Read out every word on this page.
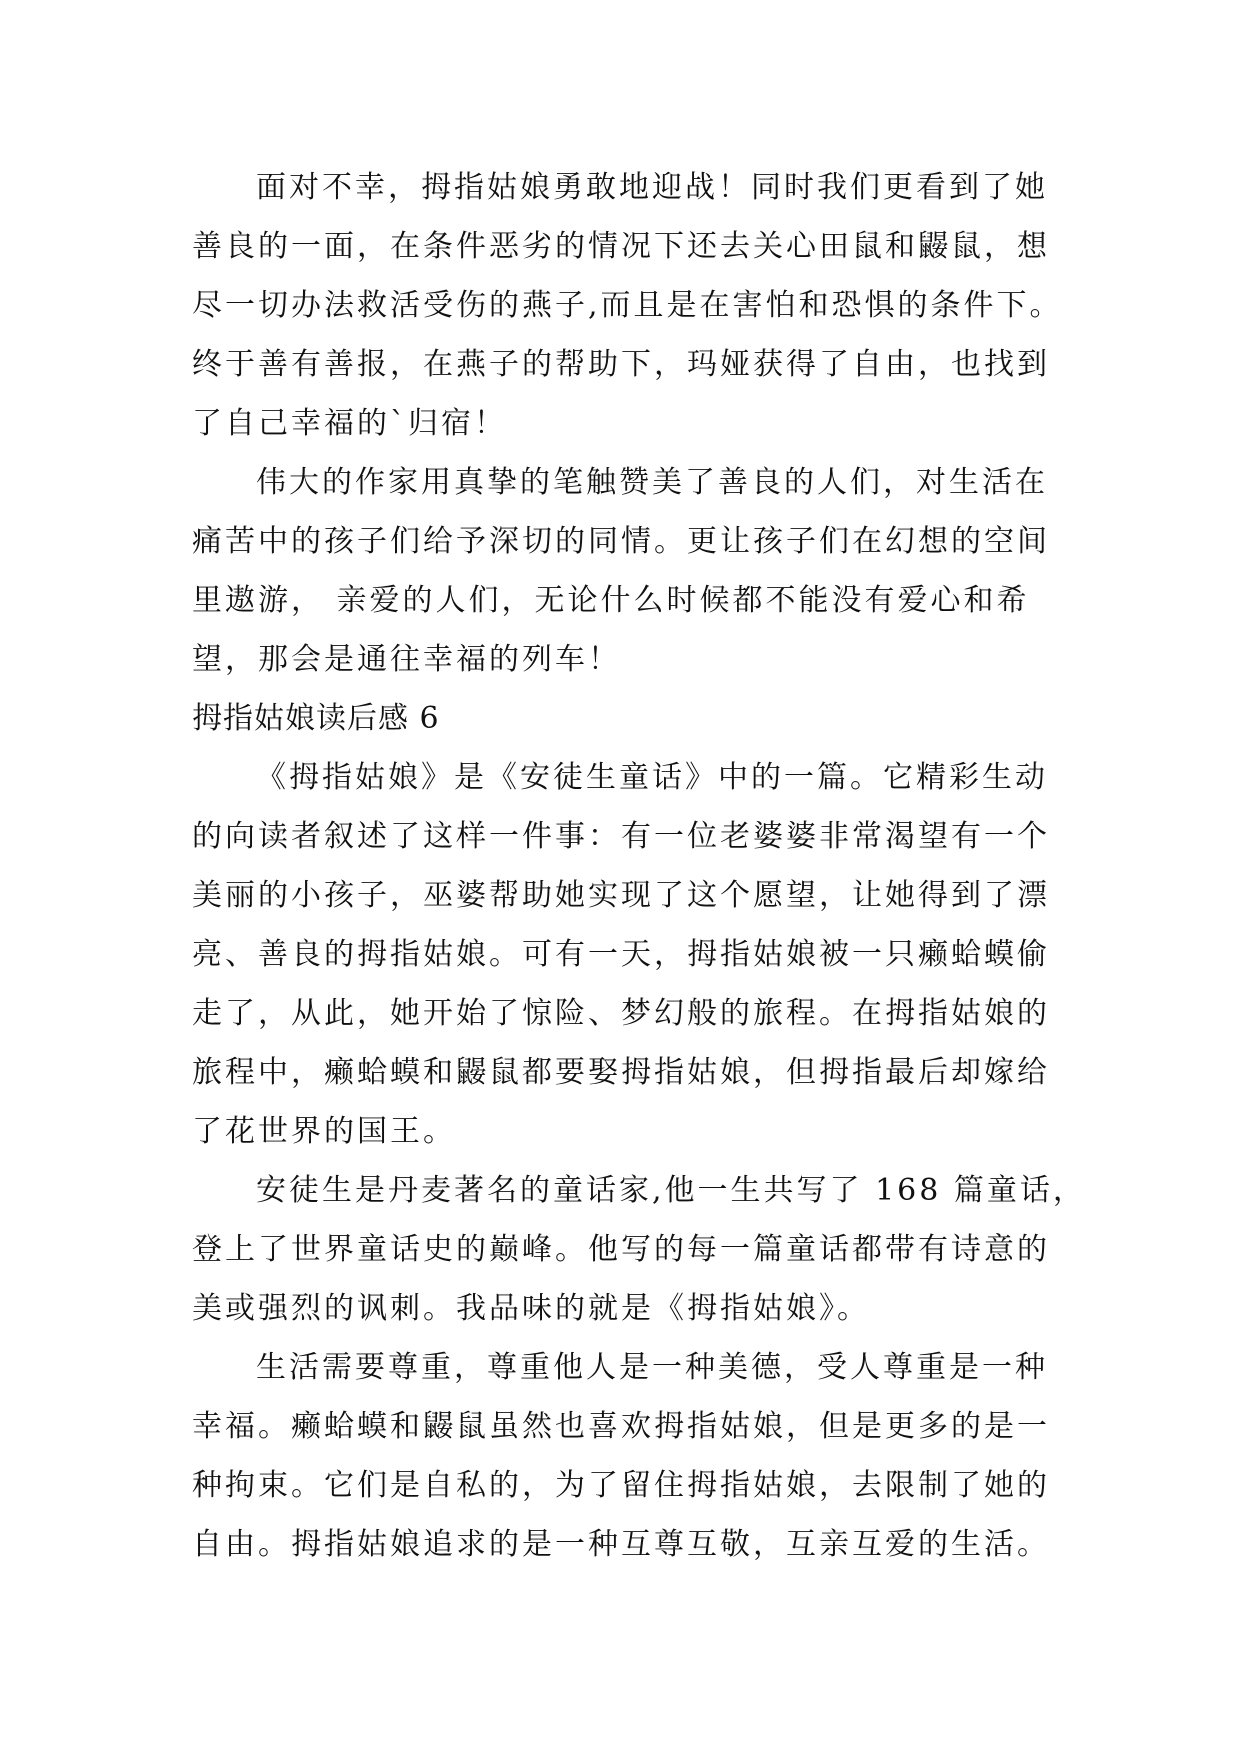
面对不幸，拇指姑娘勇敢地迎战！同时我们更看到了她
善良的一面，在条件恶劣的情况下还去关心田鼠和鼹鼠，想
尽一切办法救活受伤的燕子,而且是在害怕和恐惧的条件下。
终于善有善报，在燕子的帮助下，玛娅获得了自由，也找到
了自己幸福的`归宿！
伟大的作家用真挚的笔触赞美了善良的人们，对生活在
痛苦中的孩子们给予深切的同情。更让孩子们在幻想的空间
里遨游， 亲爱的人们，无论什么时候都不能没有爱心和希
望，那会是通往幸福的列车！
拇指姑娘读后感 6
《拇指姑娘》是《安徒生童话》中的一篇。它精彩生动
的向读者叙述了这样一件事：有一位老婆婆非常渴望有一个
美丽的小孩子，巫婆帮助她实现了这个愿望，让她得到了漂
亮、善良的拇指姑娘。可有一天，拇指姑娘被一只癞蛤蟆偷
走了，从此，她开始了惊险、梦幻般的旅程。在拇指姑娘的
旅程中，癞蛤蟆和鼹鼠都要娶拇指姑娘，但拇指最后却嫁给
了花世界的国王。
安徒生是丹麦著名的童话家,他一生共写了 168 篇童话，
登上了世界童话史的巅峰。他写的每一篇童话都带有诗意的
美或强烈的讽刺。我品味的就是《拇指姑娘》。
生活需要尊重，尊重他人是一种美德，受人尊重是一种
幸福。癞蛤蟆和鼹鼠虽然也喜欢拇指姑娘，但是更多的是一
种拘束。它们是自私的，为了留住拇指姑娘，去限制了她的
自由。拇指姑娘追求的是一种互尊互敬，互亲互爱的生活。
